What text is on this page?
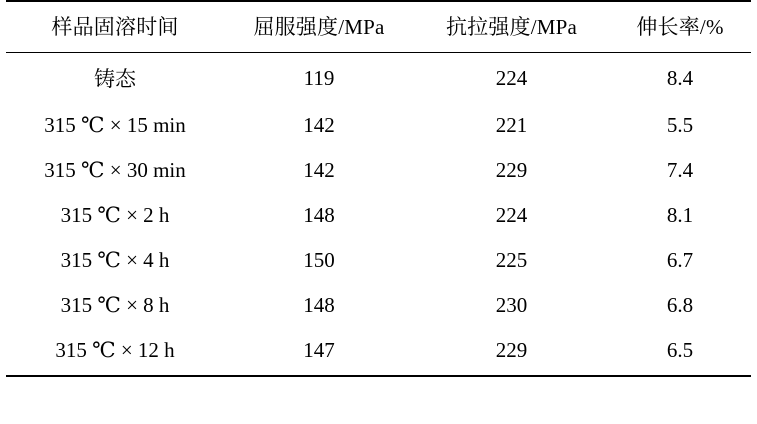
样品固溶时间	屈服强度/MPa	抗拉强度/MPa	伸长率/%
铸态	119	224	8.4
315 ℃ × 15 min	142	221	5.5
315 ℃ × 30 min	142	229	7.4
315 ℃ × 2 h	148	224	8.1
315 ℃ × 4 h	150	225	6.7
315 ℃ × 8 h	148	230	6.8
315 ℃ × 12 h	147	229	6.5
